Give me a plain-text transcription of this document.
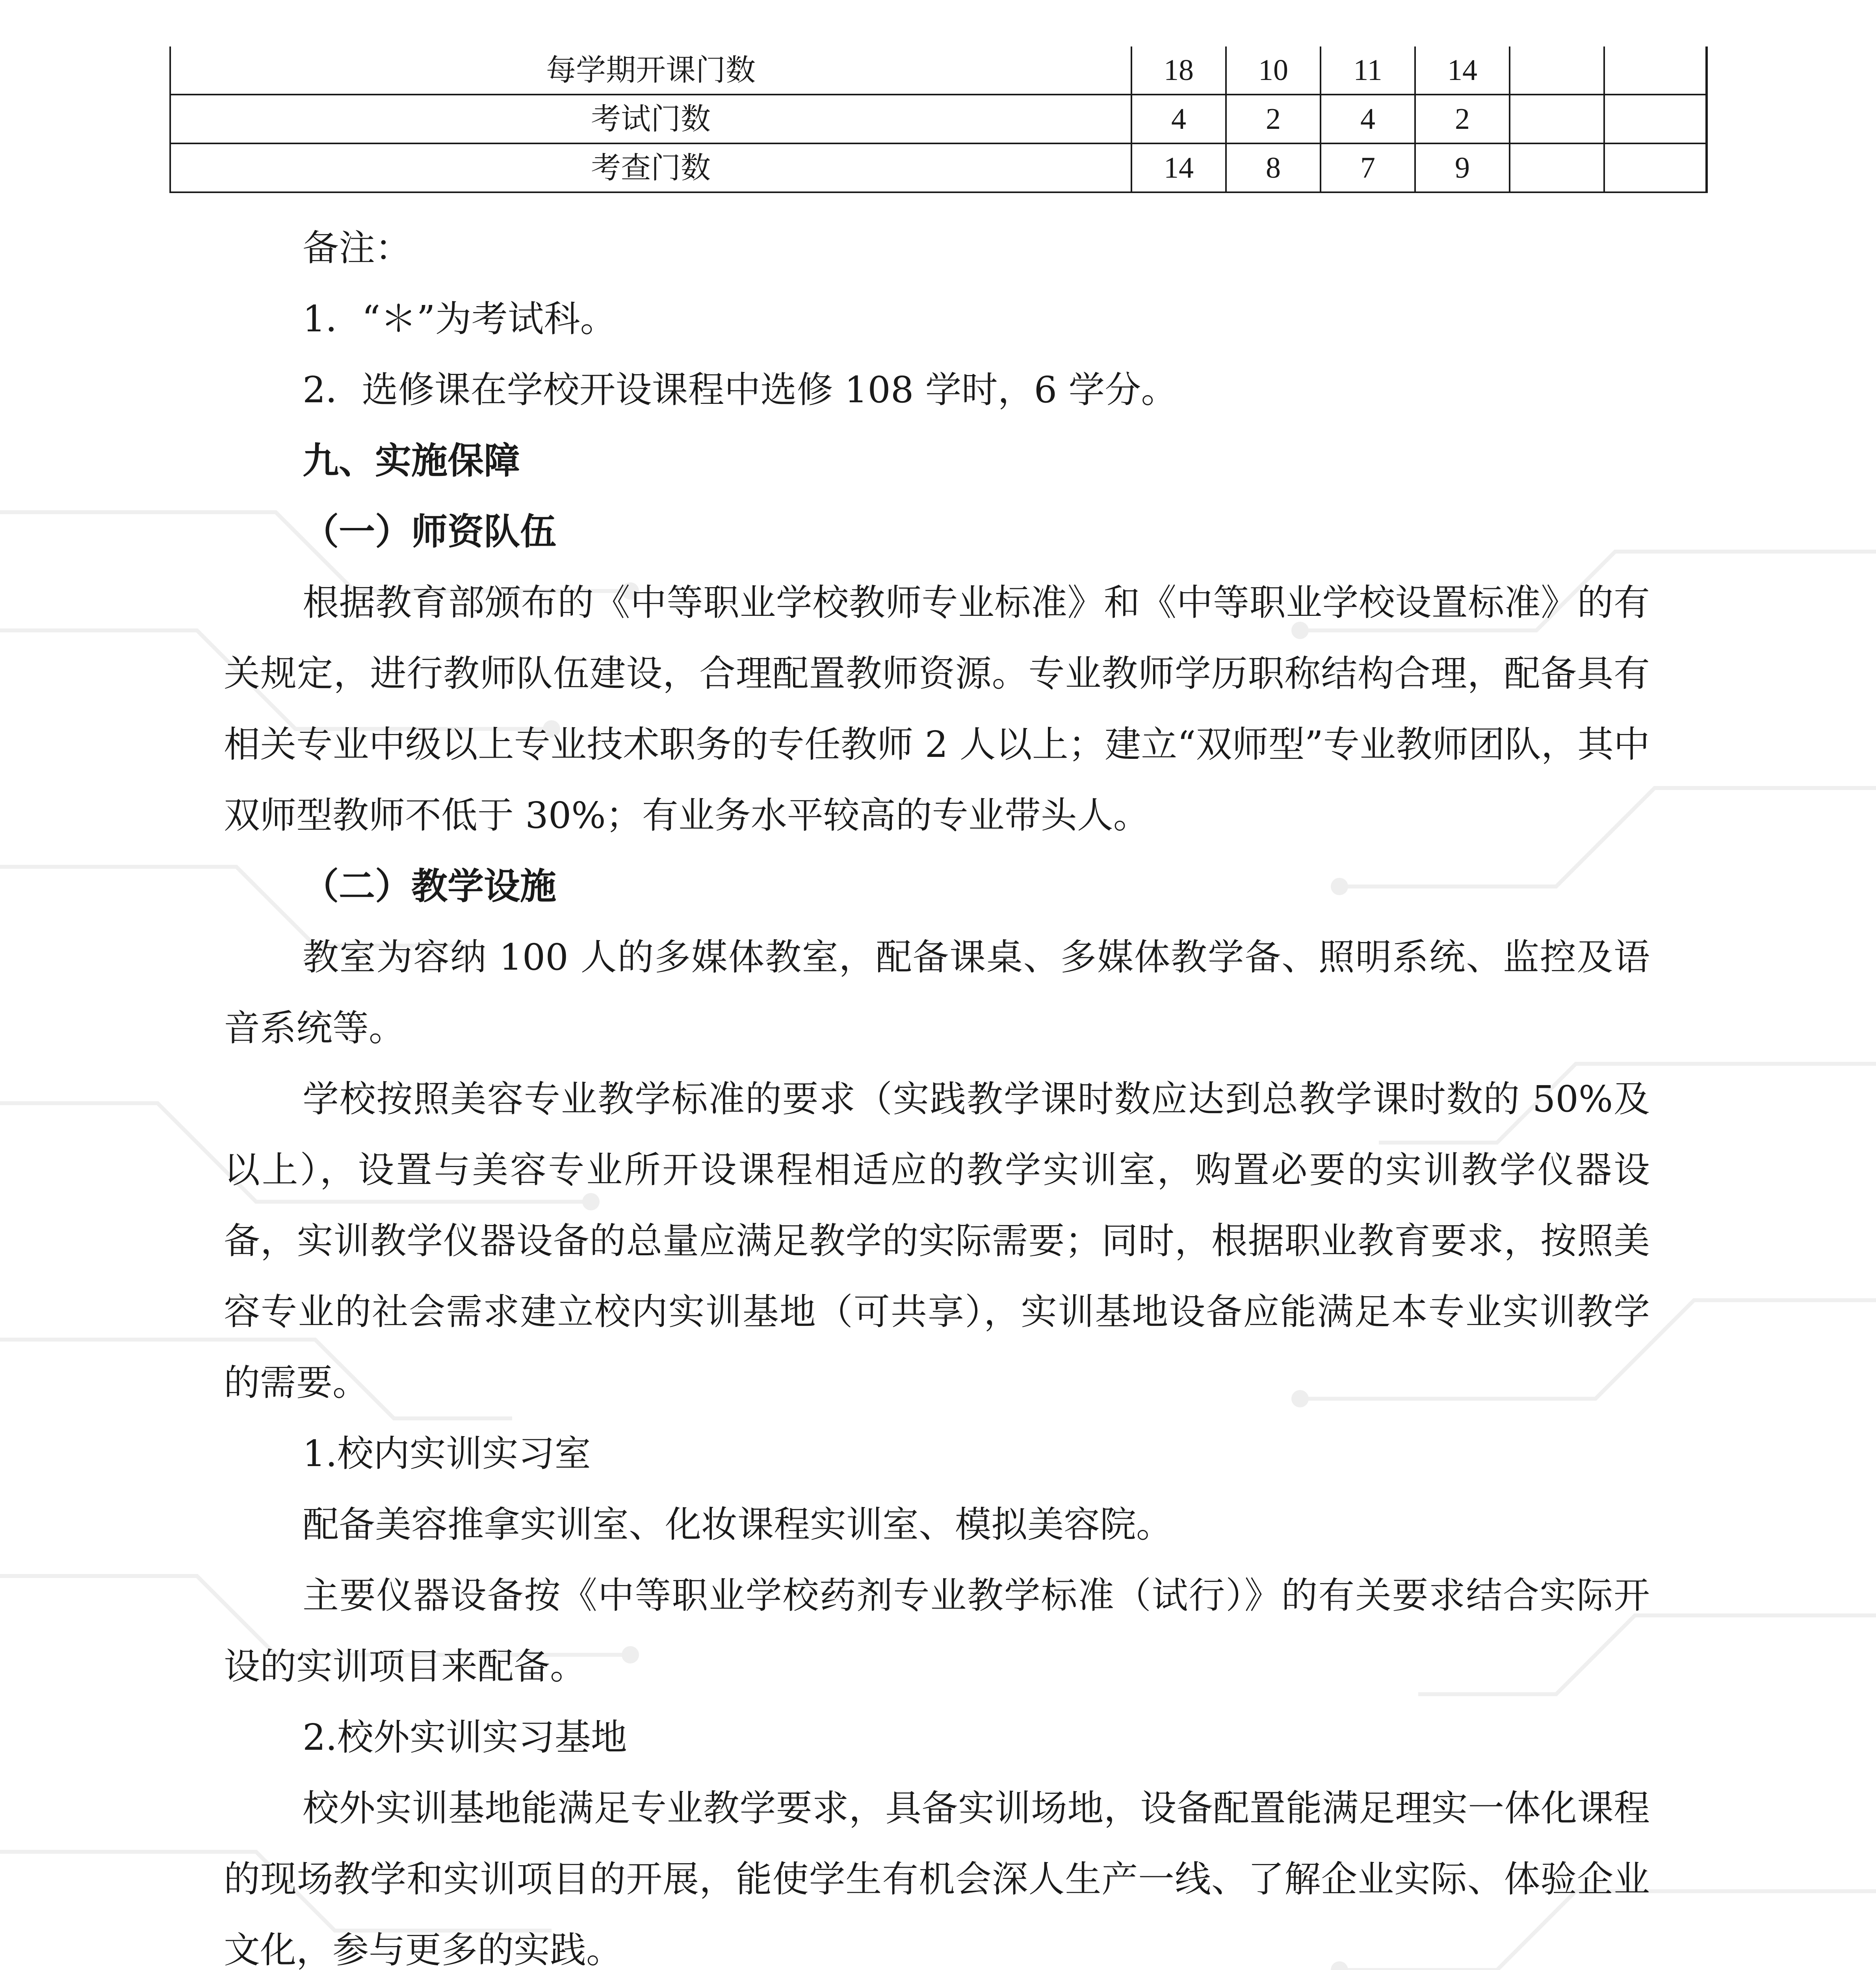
每学期开课门数	18	10	11	14		
考试门数	4	2	4	2		
考查门数	14	8	7	9		

备注：

1．“＊”为考试科。

2．选修课在学校开设课程中选修 108 学时，6 学分。

九、实施保障
（一）师资队伍

根据教育部颁布的《中等职业学校教师专业标准》和《中等职业学校设置标准》的有关规定，进行教师队伍建设，合理配置教师资源。专业教师学历职称结构合理，配备具有相关专业中级以上专业技术职务的专任教师 2 人以上；建立“双师型”专业教师团队，其中双师型教师不低于 30%；有业务水平较高的专业带头人。

（二）教学设施

教室为容纳 100 人的多媒体教室，配备课桌、多媒体教学备、照明系统、监控及语音系统等。

学校按照美容专业教学标准的要求（实践教学课时数应达到总教学课时数的 50%及以上），设置与美容专业所开设课程相适应的教学实训室，购置必要的实训教学仪器设备，实训教学仪器设备的总量应满足教学的实际需要；同时，根据职业教育要求，按照美容专业的社会需求建立校内实训基地（可共享），实训基地设备应能满足本专业实训教学的需要。

1.校内实训实习室

配备美容推拿实训室、化妆课程实训室、模拟美容院。

主要仪器设备按《中等职业学校药剂专业教学标准（试行）》的有关要求结合实际开设的实训项目来配备。

2.校外实训实习基地

校外实训基地能满足专业教学要求，具备实训场地，设备配置能满足理实一体化课程的现场教学和实训项目的开展，能使学生有机会深人生产一线、了解企业实际、体验企业文化，参与更多的实践。
